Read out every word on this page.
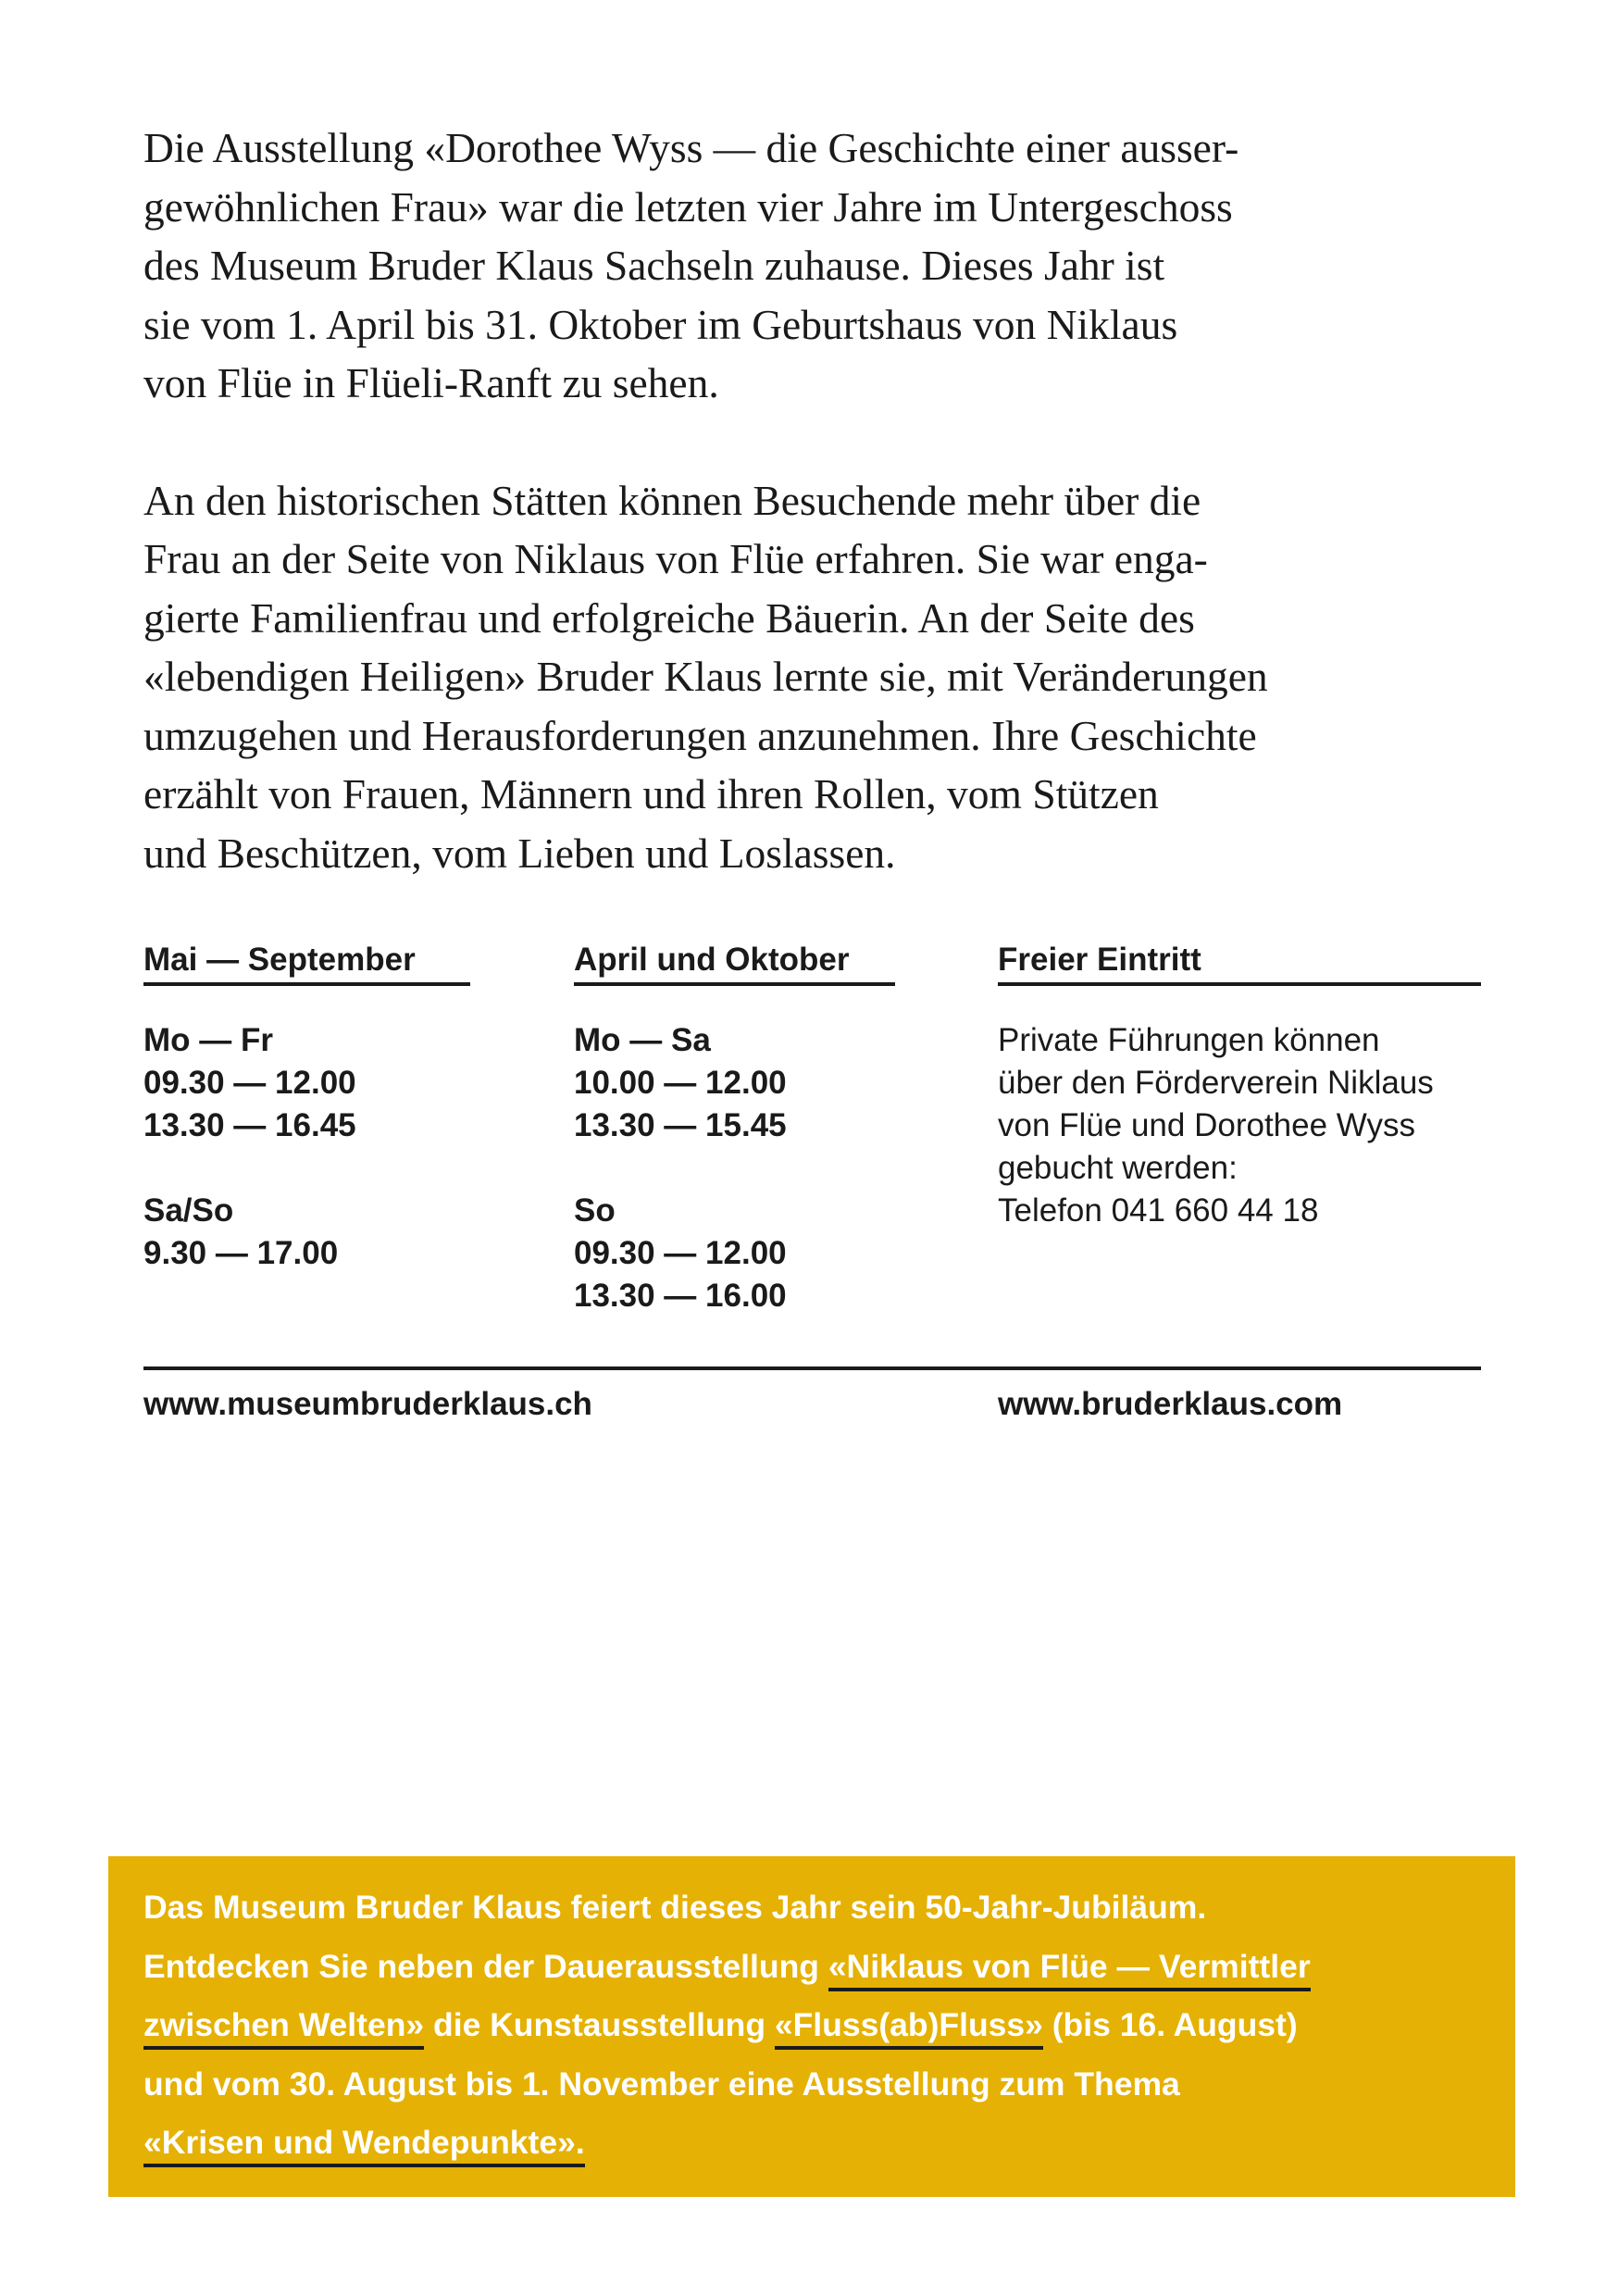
Die Ausstellung «Dorothee Wyss — die Geschichte einer ausser-
gewöhnlichen Frau» war die letzten vier Jahre im Untergeschoss
des Museum Bruder Klaus Sachseln zuhause. Dieses Jahr ist
sie vom 1. April bis 31. Oktober im Geburtshaus von Niklaus
von Flüe in Flüeli-Ranft zu sehen.
An den historischen Stätten können Besuchende mehr über die
Frau an der Seite von Niklaus von Flüe erfahren. Sie war enga-
gierte Familienfrau und erfolgreiche Bäuerin. An der Seite des
«lebendigen Heiligen» Bruder Klaus lernte sie, mit Veränderungen
umzugehen und Herausforderungen anzunehmen. Ihre Geschichte
erzählt von Frauen, Männern und ihren Rollen, vom Stützen
und Beschützen, vom Lieben und Loslassen.
Mai — September
Mo — Fr
09.30 — 12.00
13.30 — 16.45
Sa/So
9.30 — 17.00
April und Oktober
Mo — Sa
10.00 — 12.00
13.30 — 15.45
So
09.30 — 12.00
13.30 — 16.00
Freier Eintritt
Private Führungen können
über den Förderverein Niklaus
von Flüe und Dorothee Wyss
gebucht werden:
Telefon 041 660 44 18
www.museumbruderklaus.ch	www.bruderklaus.com
Das Museum Bruder Klaus feiert dieses Jahr sein 50-Jahr-Jubiläum.
Entdecken Sie neben der Dauerausstellung «Niklaus von Flüe — Vermittler
zwischen Welten» die Kunstausstellung «Fluss(ab)Fluss» (bis 16. August)
und vom 30. August bis 1. November eine Ausstellung zum Thema
«Krisen und Wendepunkte».
